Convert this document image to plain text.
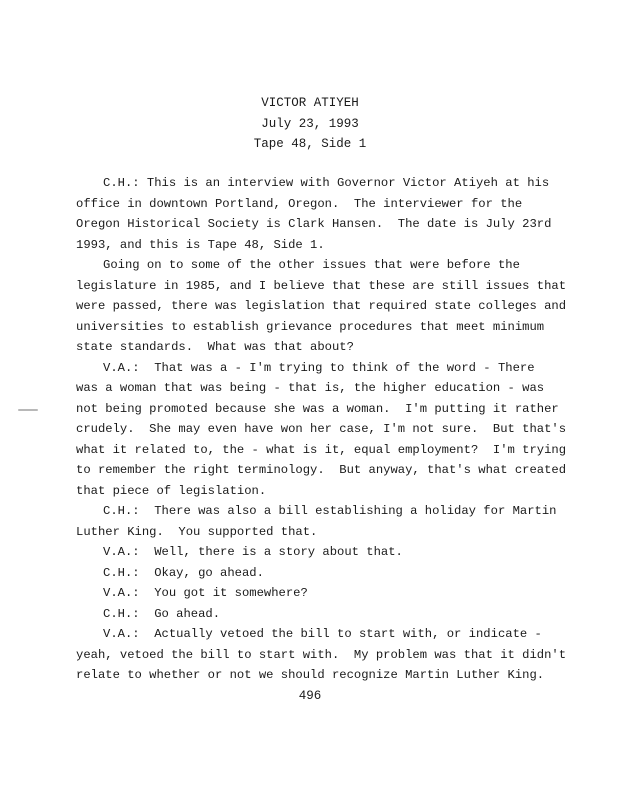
VICTOR ATIYEH
July 23, 1993
Tape 48, Side 1
C.H.: This is an interview with Governor Victor Atiyeh at his
office in downtown Portland, Oregon.  The interviewer for the
Oregon Historical Society is Clark Hansen.  The date is July 23rd
1993, and this is Tape 48, Side 1.
Going on to some of the other issues that were before the
legislature in 1985, and I believe that these are still issues that
were passed, there was legislation that required state colleges and
universities to establish grievance procedures that meet minimum
state standards.  What was that about?
V.A.:  That was a - I'm trying to think of the word - There
was a woman that was being - that is, the higher education - was
not being promoted because she was a woman.  I'm putting it rather
crudely.  She may even have won her case, I'm not sure.  But that's
what it related to, the - what is it, equal employment?  I'm trying
to remember the right terminology.  But anyway, that's what created
that piece of legislation.
C.H.:  There was also a bill establishing a holiday for Martin
Luther King.  You supported that.
V.A.:  Well, there is a story about that.
C.H.:  Okay, go ahead.
V.A.:  You got it somewhere?
C.H.:  Go ahead.
V.A.:  Actually vetoed the bill to start with, or indicate -
yeah, vetoed the bill to start with.  My problem was that it didn't
relate to whether or not we should recognize Martin Luther King.
496
